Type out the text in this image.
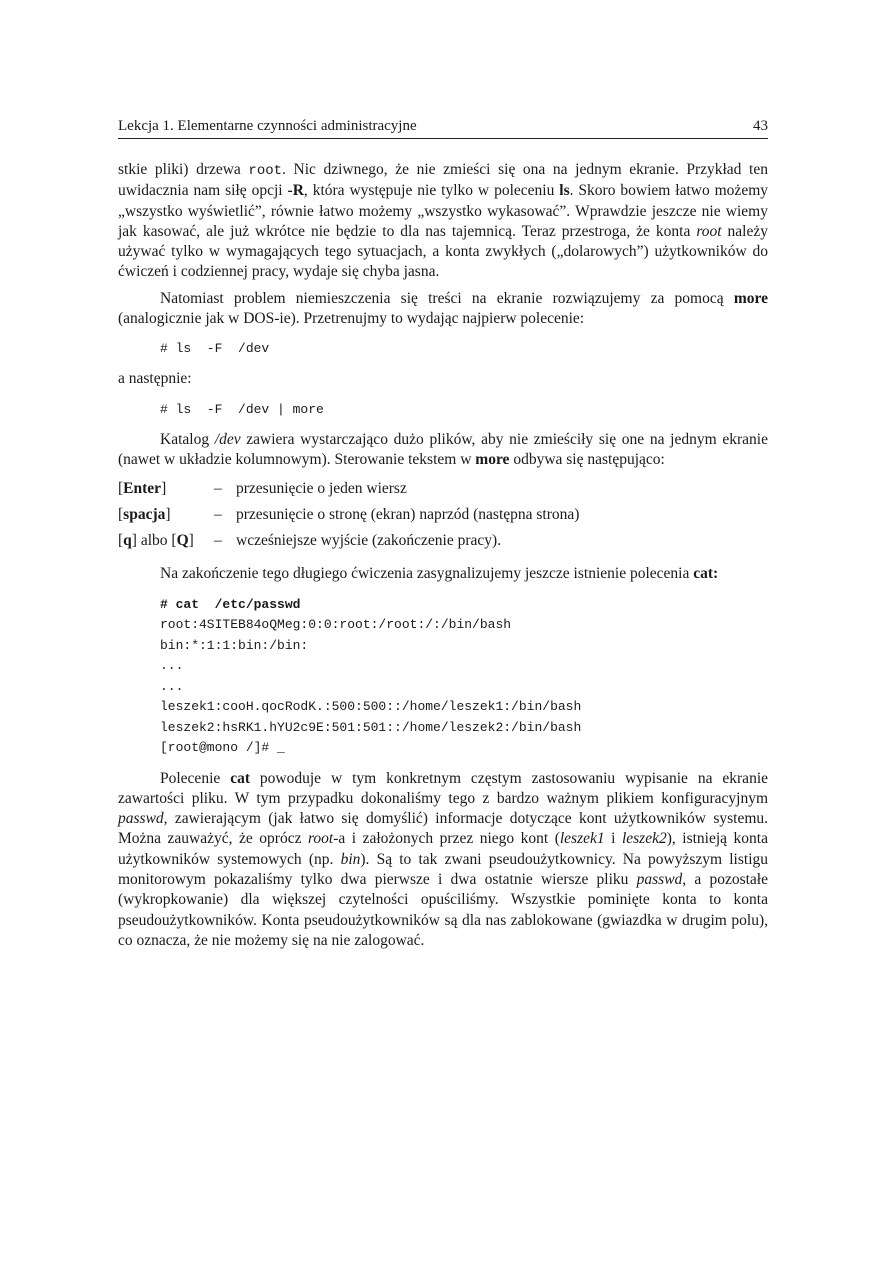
Lekcja 1. Elementarne czynności administracyjne	43

stkie pliki) drzewa root. Nic dziwnego, że nie zmieści się ona na jednym ekranie. Przykład ten uwidacznia nam siłę opcji -R, która występuje nie tylko w poleceniu ls. Skoro bowiem łatwo możemy „wszystko wyświetlić”, równie łatwo możemy „wszystko wykasować”. Wprawdzie jeszcze nie wiemy jak kasować, ale już wkrótce nie będzie to dla nas tajemnicą. Teraz przestroga, że konta root należy używać tylko w wymagających tego sytuacjach, a konta zwykłych („dolarowych”) użytkowników do ćwiczeń i codziennej pracy, wydaje się chyba jasna.

Natomiast problem niemieszczenia się treści na ekranie rozwiązujemy za pomocą more (analogicznie jak w DOS-ie). Przetrenujmy to wydając najpierw polecenie:

# ls  -F  /dev

a następnie:

# ls  -F  /dev | more

Katalog /dev zawiera wystarczająco dużo plików, aby nie zmieściły się one na jednym ekranie (nawet w układzie kolumnowym). Sterowanie tekstem w more odbywa się następująco:

[Enter]	– przesunięcie o jeden wiersz
[spacja]	– przesunięcie o stronę (ekran) naprzód (następna strona)
[q] albo [Q]	– wcześniejsze wyjście (zakończenie pracy).

Na zakończenie tego długiego ćwiczenia zasygnalizujemy jeszcze istnienie polecenia cat:

# cat  /etc/passwd
root:4SITEB84oQMeg:0:0:root:/root:/:/bin/bash
bin:*:1:1:bin:/bin:
...
...
leszek1:cooH.qocRodK.:500:500::/home/leszek1:/bin/bash
leszek2:hsRK1.hYU2c9E:501:501::/home/leszek2:/bin/bash
[root@mono /]# _

Polecenie cat powoduje w tym konkretnym częstym zastosowaniu wypisanie na ekranie zawartości pliku. W tym przypadku dokonaliśmy tego z bardzo ważnym plikiem konfiguracyjnym passwd, zawierającym (jak łatwo się domyślić) informacje dotyczące kont użytkowników systemu. Można zauważyć, że oprócz root-a i założonych przez niego kont (leszek1 i leszek2), istnieją konta użytkowników systemowych (np. bin). Są to tak zwani pseudoużytkownicy. Na powyższym listigu monitorowym pokazaliśmy tylko dwa pierwsze i dwa ostatnie wiersze pliku passwd, a pozostałe (wykropkowanie) dla większej czytelności opuściliśmy. Wszystkie pominięte konta to konta pseudoużytkowników. Konta pseudoużytkowników są dla nas zablokowane (gwiazdka w drugim polu), co oznacza, że nie możemy się na nie zalogować.
